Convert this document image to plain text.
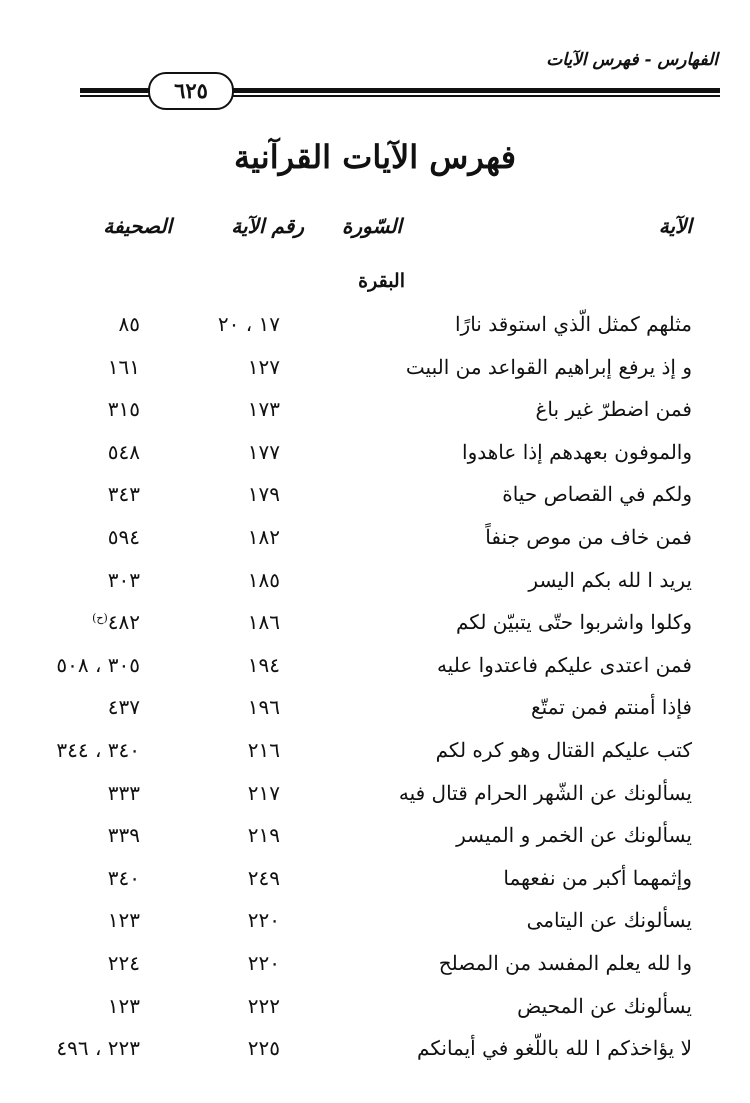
الفهارس - فهرس الآيات
٦٢٥
فهرس الآيات القرآنية
الآية
السّورة
رقم الآية
الصحيفة
البقرة
مثلهم كمثل الّذي استوقد نارًا
١٧ ، ٢٠
٨٥
و إذ يرفع إبراهيم القواعد من البيت
١٢٧
١٦١
فمن اضطرّ غير باغ
١٧٣
٣١٥
والموفون بعهدهم إذا عاهدوا
١٧٧
٥٤٨
ولكم في القصاص حياة
١٧٩
٣٤٣
فمن خاف من موص جنفاً
١٨٢
٥٩٤
يريد ا لله بكم اليسر
١٨٥
٣٠٣
وكلوا واشربوا حتّى يتبيّن لكم
١٨٦
$٤٨٢^{(ح)}$
فمن اعتدى عليكم فاعتدوا عليه
١٩٤
٣٠٥ ، ٥٠٨
فإذا أمنتم فمن تمتّع
١٩٦
٤٣٧
كتب عليكم القتال وهو كره لكم
٢١٦
٣٤٠ ، ٣٤٤
يسألونك عن الشّهر الحرام قتال فيه
٢١٧
٣٣٣
يسألونك عن الخمر و الميسر
٢١٩
٣٣٩
وإثمهما أكبر من نفعهما
٢٤٩
٣٤٠
يسألونك عن اليتامى
٢٢٠
١٢٣
وا لله يعلم المفسد من المصلح
٢٢٠
٢٢٤
يسألونك عن المحيض
٢٢٢
١٢٣
لا يؤاخذكم ا لله باللّغو في أيمانكم
٢٢٥
٢٢٣ ، ٤٩٦
